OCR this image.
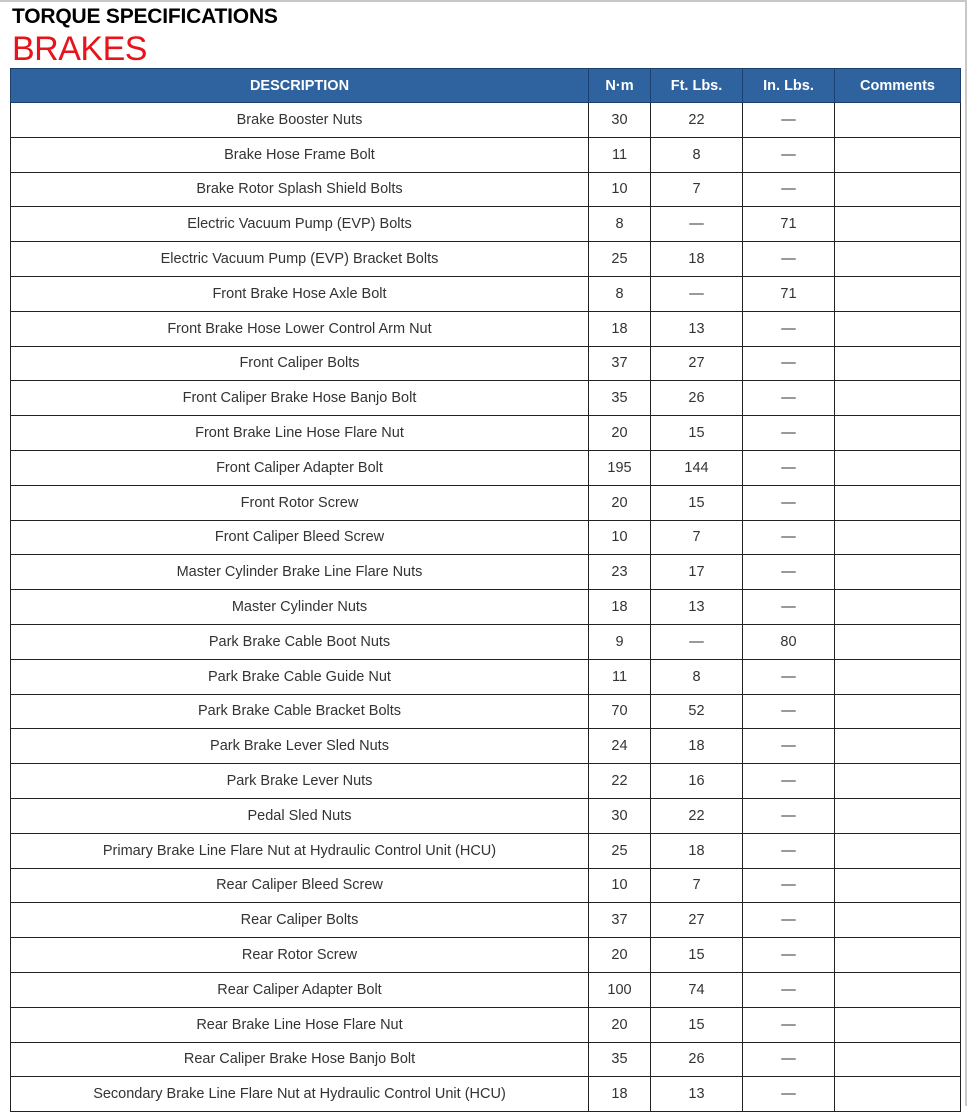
TORQUE SPECIFICATIONS
BRAKES
DESCRIPTION	N·m	Ft. Lbs.	In. Lbs.	Comments
Brake Booster Nuts	30	22	—	
Brake Hose Frame Bolt	11	8	—	
Brake Rotor Splash Shield Bolts	10	7	—	
Electric Vacuum Pump (EVP) Bolts	8	—	71	
Electric Vacuum Pump (EVP) Bracket Bolts	25	18	—	
Front Brake Hose Axle Bolt	8	—	71	
Front Brake Hose Lower Control Arm Nut	18	13	—	
Front Caliper Bolts	37	27	—	
Front Caliper Brake Hose Banjo Bolt	35	26	—	
Front Brake Line Hose Flare Nut	20	15	—	
Front Caliper Adapter Bolt	195	144	—	
Front Rotor Screw	20	15	—	
Front Caliper Bleed Screw	10	7	—	
Master Cylinder Brake Line Flare Nuts	23	17	—	
Master Cylinder Nuts	18	13	—	
Park Brake Cable Boot Nuts	9	—	80	
Park Brake Cable Guide Nut	11	8	—	
Park Brake Cable Bracket Bolts	70	52	—	
Park Brake Lever Sled Nuts	24	18	—	
Park Brake Lever Nuts	22	16	—	
Pedal Sled Nuts	30	22	—	
Primary Brake Line Flare Nut at Hydraulic Control Unit (HCU)	25	18	—	
Rear Caliper Bleed Screw	10	7	—	
Rear Caliper Bolts	37	27	—	
Rear Rotor Screw	20	15	—	
Rear Caliper Adapter Bolt	100	74	—	
Rear Brake Line Hose Flare Nut	20	15	—	
Rear Caliper Brake Hose Banjo Bolt	35	26	—	
Secondary Brake Line Flare Nut at Hydraulic Control Unit (HCU)	18	13	—	
